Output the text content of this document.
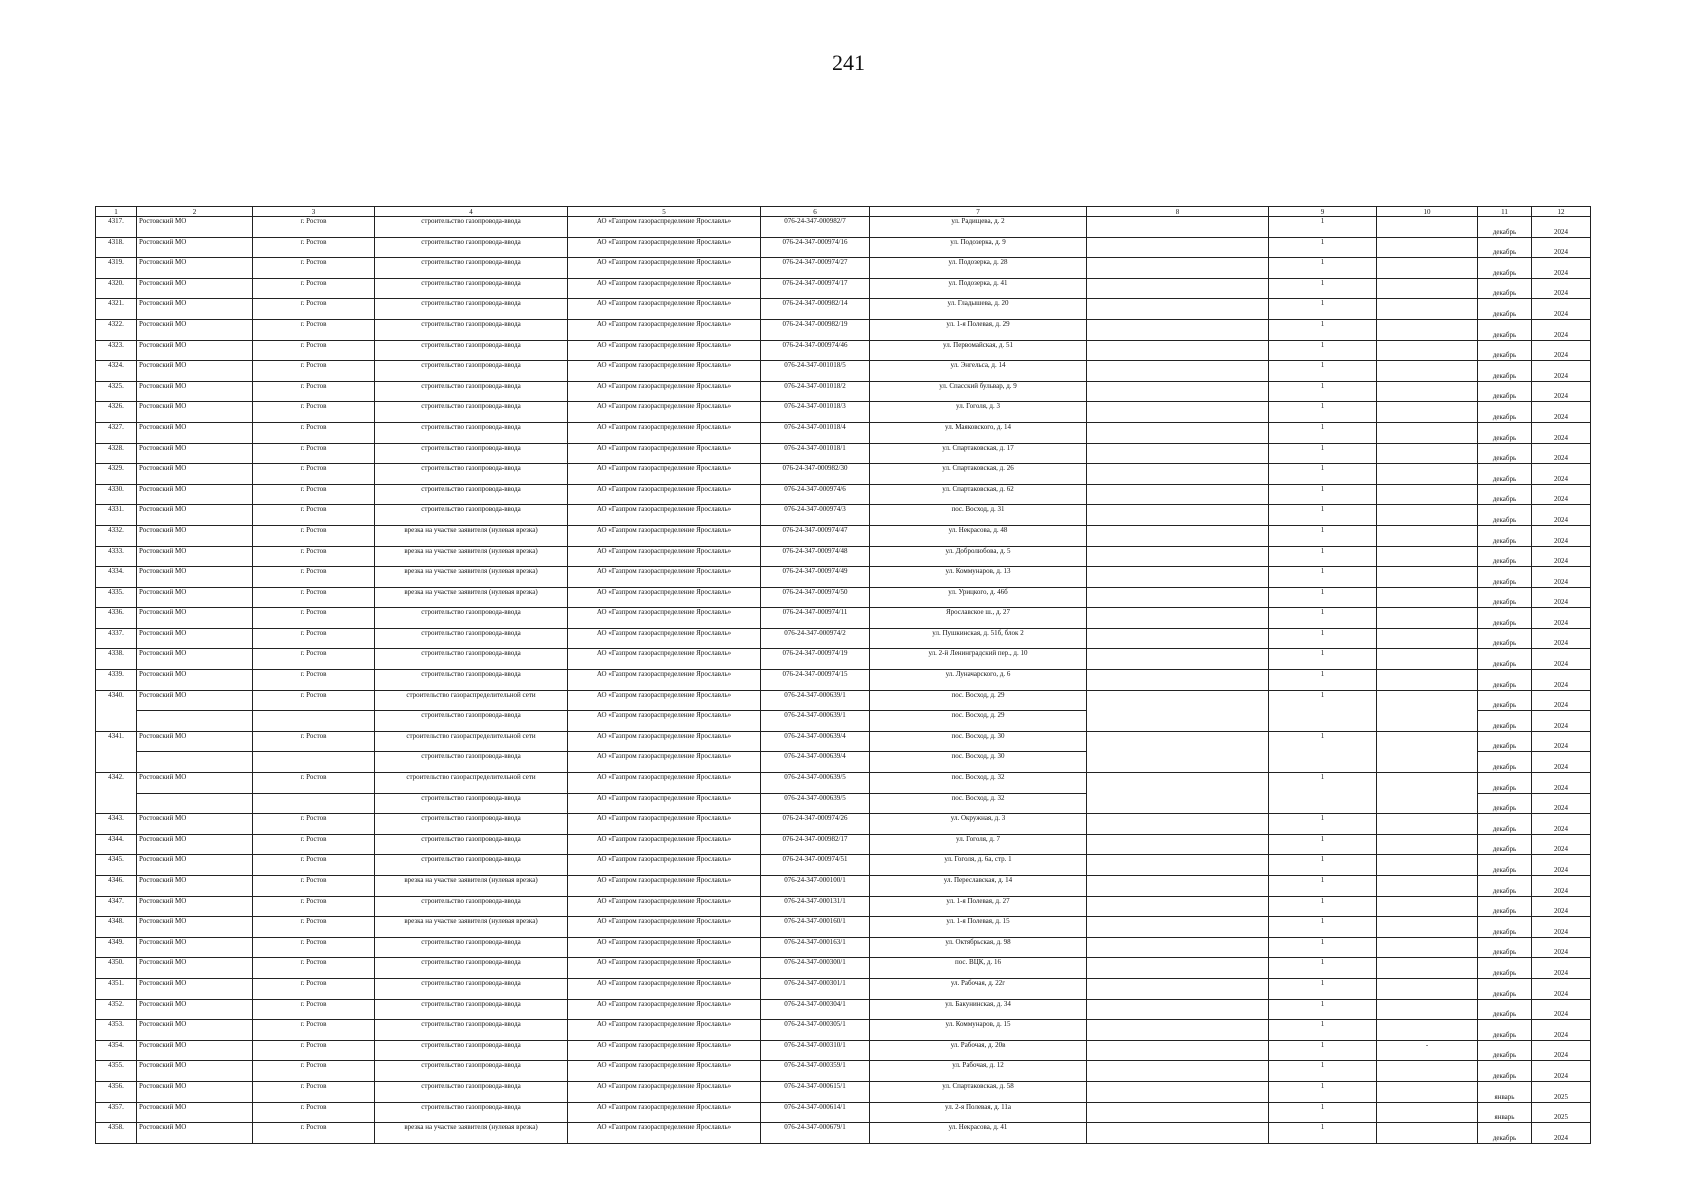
241
1	2	3	4	5	6	7	8	9	10	11	12
4317.	Ростовский МО	г. Ростов	строительство газопровода-ввода	АО «Газпром газораспределение Ярославль»	076-24-347-000982/7	ул. Радищева, д. 2		1		декабрь	2024
4318.	Ростовский МО	г. Ростов	строительство газопровода-ввода	АО «Газпром газораспределение Ярославль»	076-24-347-000974/16	ул. Подозерка, д. 9		1		декабрь	2024
4319.	Ростовский МО	г. Ростов	строительство газопровода-ввода	АО «Газпром газораспределение Ярославль»	076-24-347-000974/27	ул. Подозерка, д. 28		1		декабрь	2024
4320.	Ростовский МО	г. Ростов	строительство газопровода-ввода	АО «Газпром газораспределение Ярославль»	076-24-347-000974/17	ул. Подозерка, д. 41		1		декабрь	2024
4321.	Ростовский МО	г. Ростов	строительство газопровода-ввода	АО «Газпром газораспределение Ярославль»	076-24-347-000982/14	ул. Гладышева, д. 20		1		декабрь	2024
4322.	Ростовский МО	г. Ростов	строительство газопровода-ввода	АО «Газпром газораспределение Ярославль»	076-24-347-000982/19	ул. 1-я Полевая, д. 29		1		декабрь	2024
4323.	Ростовский МО	г. Ростов	строительство газопровода-ввода	АО «Газпром газораспределение Ярославль»	076-24-347-000974/46	ул. Первомайская, д. 51		1		декабрь	2024
4324.	Ростовский МО	г. Ростов	строительство газопровода-ввода	АО «Газпром газораспределение Ярославль»	076-24-347-001018/5	ул. Энгельса, д. 14		1		декабрь	2024
4325.	Ростовский МО	г. Ростов	строительство газопровода-ввода	АО «Газпром газораспределение Ярославль»	076-24-347-001018/2	ул. Спасский бульвар, д. 9		1		декабрь	2024
4326.	Ростовский МО	г. Ростов	строительство газопровода-ввода	АО «Газпром газораспределение Ярославль»	076-24-347-001018/3	ул. Гоголя, д. 3		1		декабрь	2024
4327.	Ростовский МО	г. Ростов	строительство газопровода-ввода	АО «Газпром газораспределение Ярославль»	076-24-347-001018/4	ул. Маяковского, д. 14		1		декабрь	2024
4328.	Ростовский МО	г. Ростов	строительство газопровода-ввода	АО «Газпром газораспределение Ярославль»	076-24-347-001018/1	ул. Спартаковская, д. 17		1		декабрь	2024
4329.	Ростовский МО	г. Ростов	строительство газопровода-ввода	АО «Газпром газораспределение Ярославль»	076-24-347-000982/30	ул. Спартаковская, д. 26		1		декабрь	2024
4330.	Ростовский МО	г. Ростов	строительство газопровода-ввода	АО «Газпром газораспределение Ярославль»	076-24-347-000974/6	ул. Спартаковская, д. 62		1		декабрь	2024
4331.	Ростовский МО	г. Ростов	строительство газопровода-ввода	АО «Газпром газораспределение Ярославль»	076-24-347-000974/3	пос. Восход, д. 31		1		декабрь	2024
4332.	Ростовский МО	г. Ростов	врезка на участке заявителя (нулевая врезка)	АО «Газпром газораспределение Ярославль»	076-24-347-000974/47	ул. Некрасова, д. 48		1		декабрь	2024
4333.	Ростовский МО	г. Ростов	врезка на участке заявителя (нулевая врезка)	АО «Газпром газораспределение Ярославль»	076-24-347-000974/48	ул. Добролюбова, д. 5		1		декабрь	2024
4334.	Ростовский МО	г. Ростов	врезка на участке заявителя (нулевая врезка)	АО «Газпром газораспределение Ярославль»	076-24-347-000974/49	ул. Коммунаров, д. 13		1		декабрь	2024
4335.	Ростовский МО	г. Ростов	врезка на участке заявителя (нулевая врезка)	АО «Газпром газораспределение Ярославль»	076-24-347-000974/50	ул. Урицкого, д. 46б		1		декабрь	2024
4336.	Ростовский МО	г. Ростов	строительство газопровода-ввода	АО «Газпром газораспределение Ярославль»	076-24-347-000974/11	Ярославское ш., д. 27		1		декабрь	2024
4337.	Ростовский МО	г. Ростов	строительство газопровода-ввода	АО «Газпром газораспределение Ярославль»	076-24-347-000974/2	ул. Пушкинская, д. 51б, блок 2		1		декабрь	2024
4338.	Ростовский МО	г. Ростов	строительство газопровода-ввода	АО «Газпром газораспределение Ярославль»	076-24-347-000974/19	ул. 2-й Ленинградский пер., д. 10		1		декабрь	2024
4339.	Ростовский МО	г. Ростов	строительство газопровода-ввода	АО «Газпром газораспределение Ярославль»	076-24-347-000974/15	ул. Луначарского, д. 6		1		декабрь	2024
4340.	Ростовский МО	г. Ростов	строительство газораспределительной сети	АО «Газпром газораспределение Ярославль»	076-24-347-000639/1	пос. Восход, д. 29		1		декабрь	2024
			строительство газопровода-ввода	АО «Газпром газораспределение Ярославль»	076-24-347-000639/1	пос. Восход, д. 29				декабрь	2024
4341.	Ростовский МО	г. Ростов	строительство газораспределительной сети	АО «Газпром газораспределение Ярославль»	076-24-347-000639/4	пос. Восход, д. 30		1		декабрь	2024
			строительство газопровода-ввода	АО «Газпром газораспределение Ярославль»	076-24-347-000639/4	пос. Восход, д. 30				декабрь	2024
4342.	Ростовский МО	г. Ростов	строительство газораспределительной сети	АО «Газпром газораспределение Ярославль»	076-24-347-000639/5	пос. Восход, д. 32		1		декабрь	2024
			строительство газопровода-ввода	АО «Газпром газораспределение Ярославль»	076-24-347-000639/5	пос. Восход, д. 32				декабрь	2024
4343.	Ростовский МО	г. Ростов	строительство газопровода-ввода	АО «Газпром газораспределение Ярославль»	076-24-347-000974/26	ул. Окружная, д. 3		1		декабрь	2024
4344.	Ростовский МО	г. Ростов	строительство газопровода-ввода	АО «Газпром газораспределение Ярославль»	076-24-347-000982/17	ул. Гоголя, д. 7		1		декабрь	2024
4345.	Ростовский МО	г. Ростов	строительство газопровода-ввода	АО «Газпром газораспределение Ярославль»	076-24-347-000974/51	ул. Гоголя, д. 6а, стр. 1		1		декабрь	2024
4346.	Ростовский МО	г. Ростов	врезка на участке заявителя (нулевая врезка)	АО «Газпром газораспределение Ярославль»	076-24-347-000100/1	ул. Переславская, д. 14		1		декабрь	2024
4347.	Ростовский МО	г. Ростов	строительство газопровода-ввода	АО «Газпром газораспределение Ярославль»	076-24-347-000131/1	ул. 1-я Полевая, д. 27		1		декабрь	2024
4348.	Ростовский МО	г. Ростов	врезка на участке заявителя (нулевая врезка)	АО «Газпром газораспределение Ярославль»	076-24-347-000160/1	ул. 1-я Полевая, д. 15		1		декабрь	2024
4349.	Ростовский МО	г. Ростов	строительство газопровода-ввода	АО «Газпром газораспределение Ярославль»	076-24-347-000163/1	ул. Октябрьская, д. 98		1		декабрь	2024
4350.	Ростовский МО	г. Ростов	строительство газопровода-ввода	АО «Газпром газораспределение Ярославль»	076-24-347-000300/1	пос. ВЦК, д. 16		1		декабрь	2024
4351.	Ростовский МО	г. Ростов	строительство газопровода-ввода	АО «Газпром газораспределение Ярославль»	076-24-347-000301/1	ул. Рабочая, д. 22г		1		декабрь	2024
4352.	Ростовский МО	г. Ростов	строительство газопровода-ввода	АО «Газпром газораспределение Ярославль»	076-24-347-000304/1	ул. Бакунинская, д. 34		1		декабрь	2024
4353.	Ростовский МО	г. Ростов	строительство газопровода-ввода	АО «Газпром газораспределение Ярославль»	076-24-347-000305/1	ул. Коммунаров, д. 15		1		декабрь	2024
4354.	Ростовский МО	г. Ростов	строительство газопровода-ввода	АО «Газпром газораспределение Ярославль»	076-24-347-000310/1	ул. Рабочая, д. 20в		1	-	декабрь	2024
4355.	Ростовский МО	г. Ростов	строительство газопровода-ввода	АО «Газпром газораспределение Ярославль»	076-24-347-000359/1	ул. Рабочая, д. 12		1		декабрь	2024
4356.	Ростовский МО	г. Ростов	строительство газопровода-ввода	АО «Газпром газораспределение Ярославль»	076-24-347-000615/1	ул. Спартаковская, д. 58		1		январь	2025
4357.	Ростовский МО	г. Ростов	строительство газопровода-ввода	АО «Газпром газораспределение Ярославль»	076-24-347-000614/1	ул. 2-я Полевая, д. 11а		1		январь	2025
4358.	Ростовский МО	г. Ростов	врезка на участке заявителя (нулевая врезка)	АО «Газпром газораспределение Ярославль»	076-24-347-000679/1	ул. Некрасова, д. 41		1		декабрь	2024
